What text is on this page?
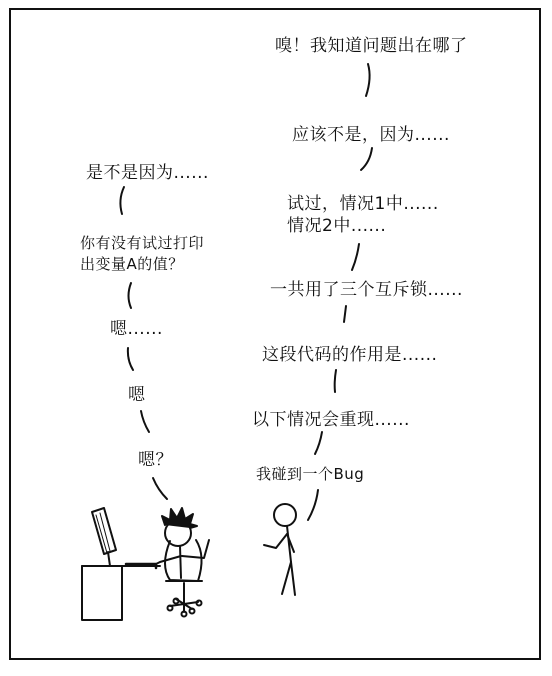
嗅！我知道问题出在哪了
应该不是，因为......
试过，情况1中......
情况2中......
一共用了三个互斥锁......
这段代码的作用是......
以下情况会重现......
我碰到一个Bug
是不是因为......
你有没有试过打印
出变量A的值？
嗯......
嗯
嗯？
